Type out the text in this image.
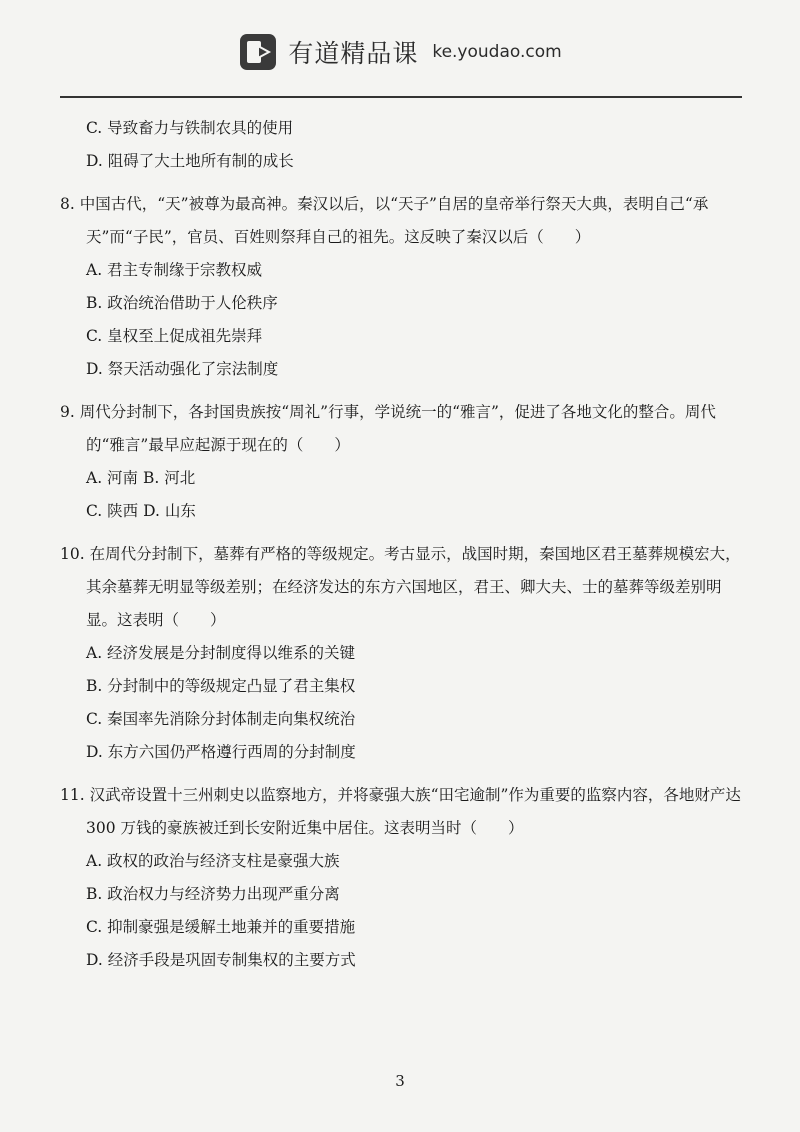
有道精品课 ke.youdao.com
C. 导致畜力与铁制农具的使用
D. 阻碍了大土地所有制的成长
8. 中国古代，“天”被尊为最高神。秦汉以后，以“天子”自居的皇帝举行祭天大典，表明自己“承天”而“子民”，官员、百姓则祭拜自己的祖先。这反映了秦汉以后（　　）
A. 君主专制缘于宗教权威
B. 政治统治借助于人伦秩序
C. 皇权至上促成祖先崇拜
D. 祭天活动强化了宗法制度
9. 周代分封制下，各封国贵族按“周礼”行事，学说统一的“雅言”，促进了各地文化的整合。周代的“雅言”最早应起源于现在的（　　）
A. 河南 B. 河北
C. 陕西 D. 山东
10. 在周代分封制下，墓葬有严格的等级规定。考古显示，战国时期，秦国地区君王墓葬规模宏大，其余墓葬无明显等级差别；在经济发达的东方六国地区，君王、卿大夫、士的墓葬等级差别明显。这表明（　　）
A. 经济发展是分封制度得以维系的关键
B. 分封制中的等级规定凸显了君主集权
C. 秦国率先消除分封体制走向集权统治
D. 东方六国仍严格遵行西周的分封制度
11. 汉武帝设置十三州刺史以监察地方，并将豪强大族“田宅逾制”作为重要的监察内容，各地财产达 300 万钱的豪族被迁到长安附近集中居住。这表明当时（　　）
A. 政权的政治与经济支柱是豪强大族
B. 政治权力与经济势力出现严重分离
C. 抑制豪强是缓解土地兼并的重要措施
D. 经济手段是巩固专制集权的主要方式
3
